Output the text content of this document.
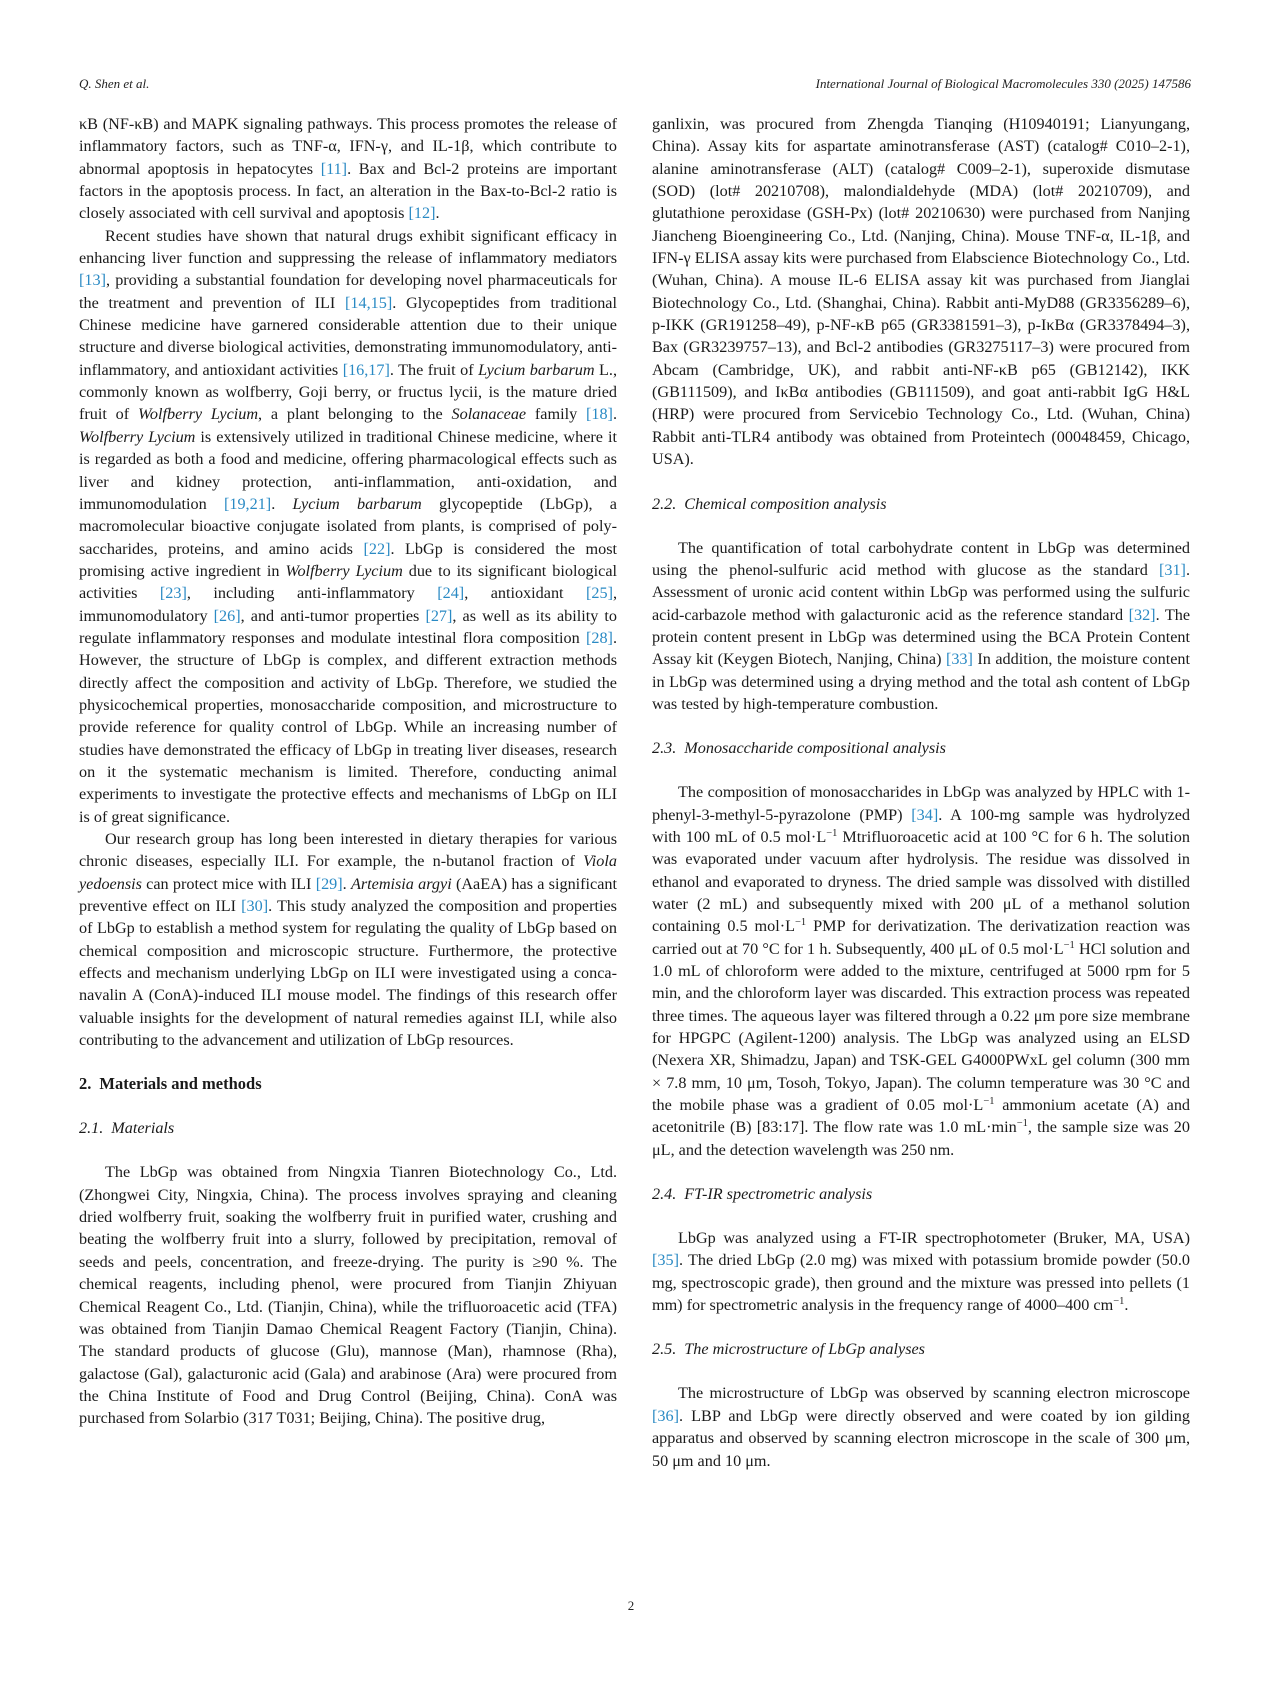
Q. Shen et al.	International Journal of Biological Macromolecules 330 (2025) 147586

κB (NF-κB) and MAPK signaling pathways. This process promotes the release of inflammatory factors, such as TNF-α, IFN-γ, and IL-1β, which contribute to abnormal apoptosis in hepatocytes [11]. Bax and Bcl-2 proteins are important factors in the apoptosis process. In fact, an alteration in the Bax-to-Bcl-2 ratio is closely associated with cell survival and apoptosis [12].

Recent studies have shown that natural drugs exhibit significant efficacy in enhancing liver function and suppressing the release of inflammatory mediators [13], providing a substantial foundation for developing novel pharmaceuticals for the treatment and prevention of ILI [14,15]. Glycopeptides from traditional Chinese medicine have garnered considerable attention due to their unique structure and diverse biological activities, demonstrating immunomodulatory, anti-inflammatory, and antioxidant activities [16,17]. The fruit of Lycium barbarum L., commonly known as wolfberry, Goji berry, or fructus lycii, is the mature dried fruit of Wolfberry Lycium, a plant belonging to the Solanaceae family [18]. Wolfberry Lycium is extensively utilized in traditional Chinese medicine, where it is regarded as both a food and medicine, offering pharmacological effects such as liver and kidney protection, anti-inflammation, anti-oxidation, and immunomodulation [19,21]. Lycium barbarum glycopeptide (LbGp), a macromolecular bioactive conjugate isolated from plants, is comprised of polysaccharides, proteins, and amino acids [22]. LbGp is considered the most promising active ingredient in Wolfberry Lycium due to its significant biological activities [23], including anti-inflammatory [24], antioxidant [25], immunomodulatory [26], and anti-tumor properties [27], as well as its ability to regulate inflammatory responses and modulate intestinal flora composition [28]. However, the structure of LbGp is complex, and different extraction methods directly affect the composition and activity of LbGp. Therefore, we studied the physicochemical properties, monosaccharide composition, and microstructure to provide reference for quality control of LbGp. While an increasing number of studies have demonstrated the efficacy of LbGp in treating liver diseases, research on it the systematic mechanism is limited. Therefore, conducting animal experiments to investigate the protective effects and mechanisms of LbGp on ILI is of great significance.

Our research group has long been interested in dietary therapies for various chronic diseases, especially ILI. For example, the n-butanol fraction of Viola yedoensis can protect mice with ILI [29]. Artemisia argyi (AaEA) has a significant preventive effect on ILI [30]. This study analyzed the composition and properties of LbGp to establish a method system for regulating the quality of LbGp based on chemical composition and microscopic structure. Furthermore, the protective effects and mechanism underlying LbGp on ILI were investigated using a concanavalin A (ConA)-induced ILI mouse model. The findings of this research offer valuable insights for the development of natural remedies against ILI, while also contributing to the advancement and utilization of LbGp resources.

2. Materials and methods
2.1. Materials

The LbGp was obtained from Ningxia Tianren Biotechnology Co., Ltd. (Zhongwei City, Ningxia, China). The process involves spraying and cleaning dried wolfberry fruit, soaking the wolfberry fruit in purified water, crushing and beating the wolfberry fruit into a slurry, followed by precipitation, removal of seeds and peels, concentration, and freeze-drying. The purity is ≥90 %. The chemical reagents, including phenol, were procured from Tianjin Zhiyuan Chemical Reagent Co., Ltd. (Tianjin, China), while the trifluoroacetic acid (TFA) was obtained from Tianjin Damao Chemical Reagent Factory (Tianjin, China). The standard products of glucose (Glu), mannose (Man), rhamnose (Rha), galactose (Gal), galacturonic acid (Gala) and arabinose (Ara) were procured from the China Institute of Food and Drug Control (Beijing, China). ConA was purchased from Solarbio (317 T031; Beijing, China). The positive drug,

ganlixin, was procured from Zhengda Tianqing (H10940191; Lianyungang, China). Assay kits for aspartate aminotransferase (AST) (catalog# C010–2-1), alanine aminotransferase (ALT) (catalog# C009–2-1), superoxide dismutase (SOD) (lot# 20210708), malondialdehyde (MDA) (lot# 20210709), and glutathione peroxidase (GSH-Px) (lot# 20210630) were purchased from Nanjing Jiancheng Bioengineering Co., Ltd. (Nanjing, China). Mouse TNF-α, IL-1β, and IFN-γ ELISA assay kits were purchased from Elabscience Biotechnology Co., Ltd. (Wuhan, China). A mouse IL-6 ELISA assay kit was purchased from Jianglai Biotechnology Co., Ltd. (Shanghai, China). Rabbit anti-MyD88 (GR3356289–6), p-IKK (GR191258–49), p-NF-κB p65 (GR3381591–3), p-IκBα (GR3378494–3), Bax (GR3239757–13), and Bcl-2 antibodies (GR3275117–3) were procured from Abcam (Cambridge, UK), and rabbit anti-NF-κB p65 (GB12142), IKK (GB111509), and IκBα antibodies (GB111509), and goat anti-rabbit IgG H&L (HRP) were procured from Servicebio Technology Co., Ltd. (Wuhan, China) Rabbit anti-TLR4 antibody was obtained from Proteintech (00048459, Chicago, USA).

2.2. Chemical composition analysis

The quantification of total carbohydrate content in LbGp was determined using the phenol-sulfuric acid method with glucose as the standard [31]. Assessment of uronic acid content within LbGp was performed using the sulfuric acid-carbazole method with galacturonic acid as the reference standard [32]. The protein content present in LbGp was determined using the BCA Protein Content Assay kit (Keygen Biotech, Nanjing, China) [33] In addition, the moisture content in LbGp was determined using a drying method and the total ash content of LbGp was tested by high-temperature combustion.

2.3. Monosaccharide compositional analysis

The composition of monosaccharides in LbGp was analyzed by HPLC with 1-phenyl-3-methyl-5-pyrazolone (PMP) [34]. A 100-mg sample was hydrolyzed with 100 mL of 0.5 $mol\cdot L^{-1}$ Mtrifluoroacetic acid at 100 °C for 6 h. The solution was evaporated under vacuum after hydrolysis. The residue was dissolved in ethanol and evaporated to dryness. The dried sample was dissolved with distilled water (2 mL) and subsequently mixed with 200 μL of a methanol solution containing 0.5 $mol\cdot L^{-1}$ PMP for derivatization. The derivatization reaction was carried out at 70 °C for 1 h. Subsequently, 400 μL of 0.5 $mol\cdot L^{-1}$ HCl solution and 1.0 mL of chloroform were added to the mixture, centrifuged at 5000 rpm for 5 min, and the chloroform layer was discarded. This extraction process was repeated three times. The aqueous layer was filtered through a 0.22 μm pore size membrane for HPGPC (Agilent-1200) analysis. The LbGp was analyzed using an ELSD (Nexera XR, Shimadzu, Japan) and TSK-GEL G4000PWxL gel column (300 mm × 7.8 mm, 10 μm, Tosoh, Tokyo, Japan). The column temperature was 30 °C and the mobile phase was a gradient of 0.05 $mol\cdot L^{-1}$ ammonium acetate (A) and acetonitrile (B) [83:17]. The flow rate was 1.0 $mL\cdot\min^{-1}$, the sample size was 20 μL, and the detection wavelength was 250 nm.

2.4. FT-IR spectrometric analysis

LbGp was analyzed using a FT-IR spectrophotometer (Bruker, MA, USA) [35]. The dried LbGp (2.0 mg) was mixed with potassium bromide powder (50.0 mg, spectroscopic grade), then ground and the mixture was pressed into pellets (1 mm) for spectrometric analysis in the frequency range of 4000–400 $cm^{-1}$.

2.5. The microstructure of LbGp analyses

The microstructure of LbGp was observed by scanning electron microscope [36]. LBP and LbGp were directly observed and were coated by ion gilding apparatus and observed by scanning electron microscope in the scale of 300 μm, 50 μm and 10 μm.

2
